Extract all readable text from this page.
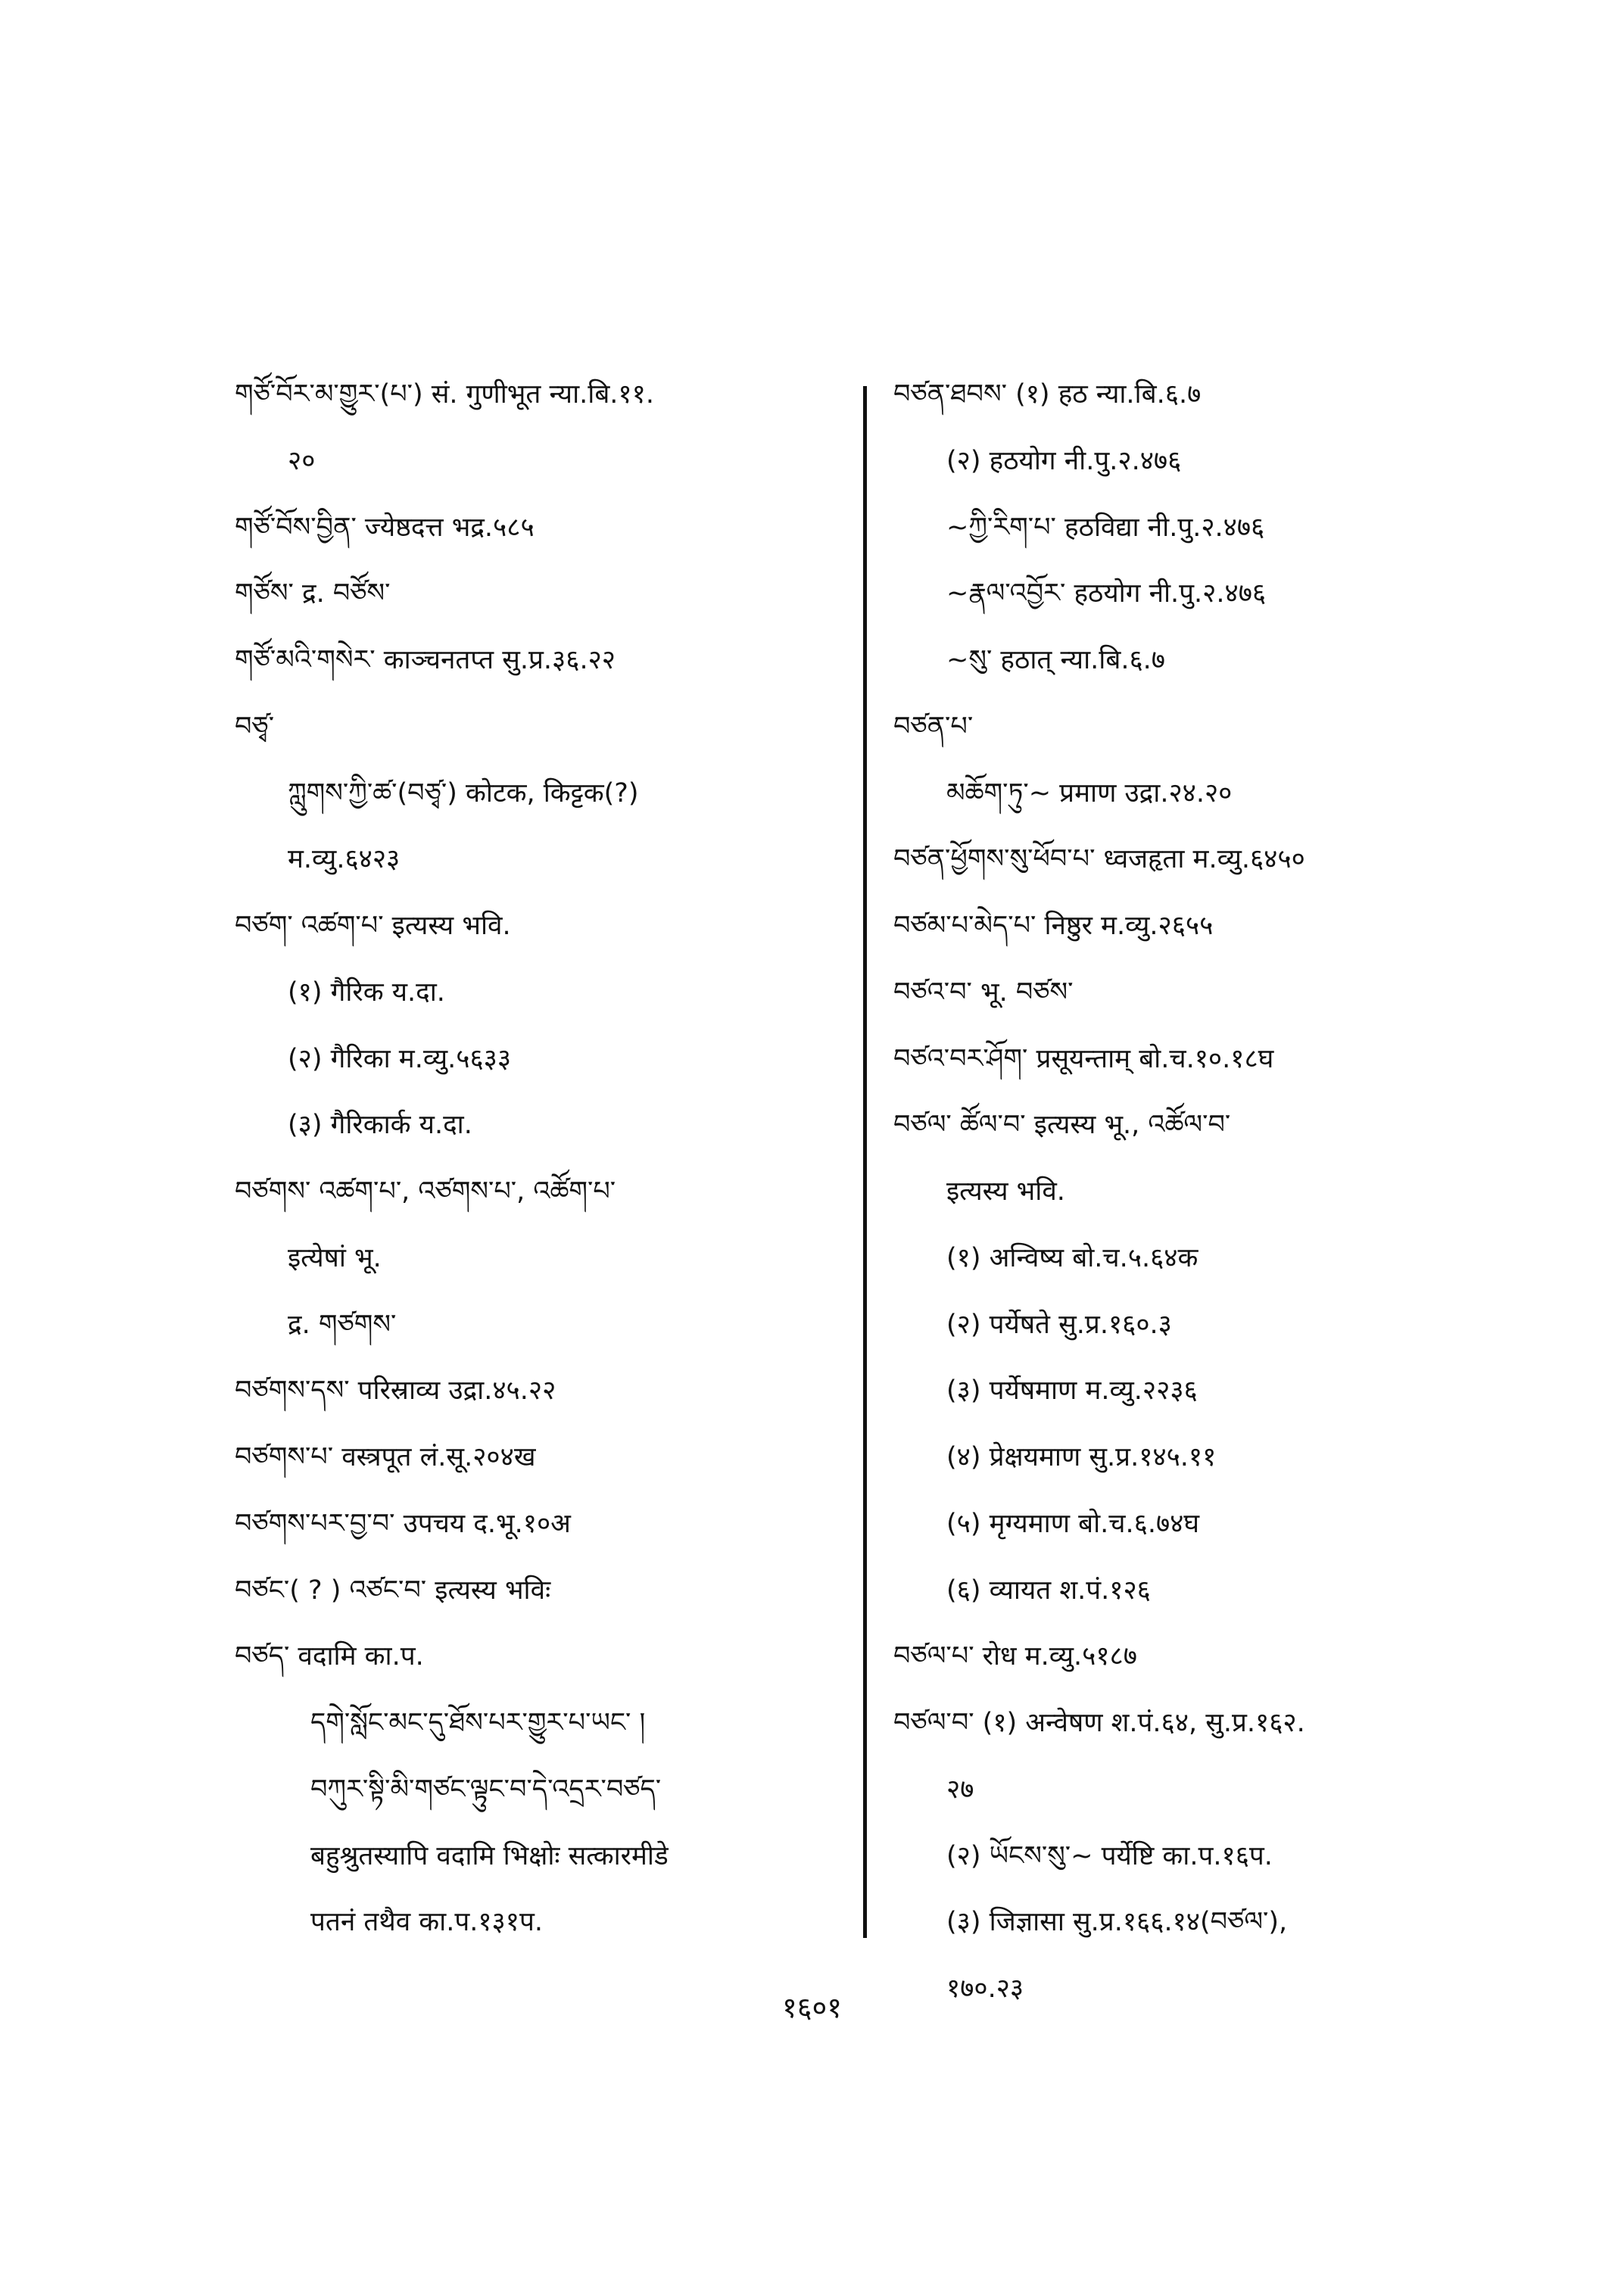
གཙོ་བོར་མ་གྱུར་(པ་) सं. गुणीभूत न्या.बि.११.
२०
གཙོ་བོས་བྱིན་ ज्येष्ठदत्त भद्र.५८५
གཙོས་ द्र. བཙོས་
གཙོ་མའི་གསེར་ काञ्चनतप्त सु.प्र.३६.२२
བཙྭ་
ཀླུགས་ཀྱི་ཚ་(བཙྭ་) कोटक, किट्टक(?)
म.व्यु.६४२३
བཙག་ འཚག་པ་ इत्यस्य भवि.
(१) गैरिक य.दा.
(२) गैरिका म.व्यु.५६३३
(३) गैरिकार्क य.दा.
བཙགས་ འཚག་པ་, འཙགས་པ་, འཚོག་པ་
इत्येषां भू.
द्र. གཙགས་
བཙགས་དས་ परिस्राव्य उद्रा.४५.२२
བཙགས་པ་ वस्त्रपूत लं.सू.२०४ख
བཙགས་པར་བྱ་བ་ उपचय द.भू.१०अ
བཙང་( ? ) འཙང་བ་ इत्यस्य भविः
བཙད་ वदामि का.प.
དགེ་སློང་མང་དུ་ཐོས་པར་གྱུར་པ་ཡང་ །
བཀུར་སྟི་མི་གཙང་ལྟུང་བ་དེ་འདྲར་བཙད་
बहुश्रुतस्यापि वदामि भिक्षोः सत्कारमीडे
पतनं तथैव का.प.१३१प.
བཙན་ཐབས་ (१) हठ न्या.बि.६.७
(२) हठयोग नी.पु.२.४७६
~ཀྱི་རིག་པ་ हठविद्या नी.पु.२.४७६
~རྣལ་འབྱོར་ हठयोग नी.पु.२.४७६
~སུ་ हठात् न्या.बि.६.७
བཙན་པ་
མཆོག་ཏུ་~ प्रमाण उद्रा.२४.२०
བཙན་ཕྱོགས་སུ་ཕོབ་པ་ ध्वजहृता म.व्यु.६४५०
བཙམ་པ་མེད་པ་ निष्ठुर म.व्यु.२६५५
བཙའ་བ་ भू. བཙས་
བཙའ་བར་ཤོག་ प्रसूयन्ताम् बो.च.१०.१८घ
བཙལ་ ཚོལ་བ་ इत्यस्य भू., འཚོལ་བ་
इत्यस्य भवि.
(१) अन्विष्य बो.च.५.६४क
(२) पर्येषते सु.प्र.१६०.३
(३) पर्येषमाण म.व्यु.२२३६
(४) प्रेक्षयमाण सु.प्र.१४५.११
(५) मृग्यमाण बो.च.६.७४घ
(६) व्यायत श.पं.१२६
བཙལ་པ་ रोध म.व्यु.५१८७
བཙལ་བ་ (१) अन्वेषण श.पं.६४, सु.प्र.१६२.
२७
(२) ཡོངས་སུ་~ पर्येष्टि का.प.१६प.
(३) जिज्ञासा सु.प्र.१६६.१४(བཙལ་),
१७०.२३
१६०१
